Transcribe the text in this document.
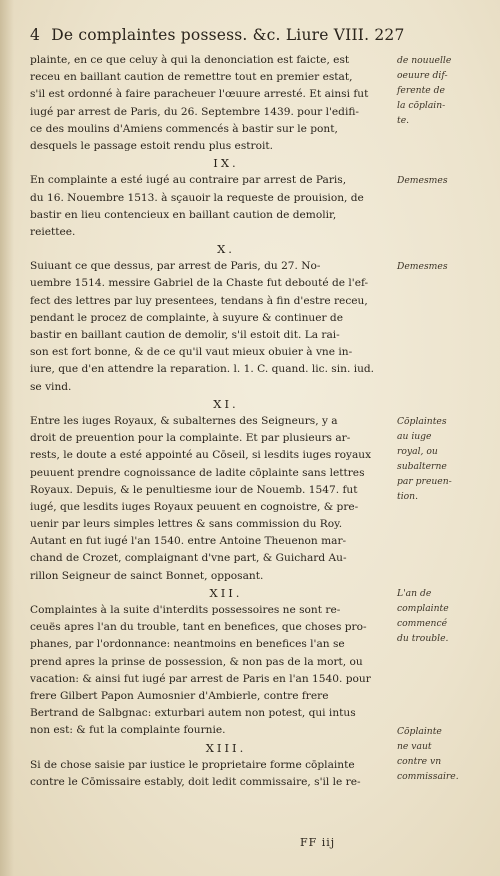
4 De complaintes possess. &c. Liure VIII. 227
plainte, en ce que celuy à qui la denonciation est faicte, est
receu en baillant caution de remettre tout en premier estat,
s'il est ordonné à faire paracheuer l'œuure arresté. Et ainsi fut
iugé par arrest de Paris, du 26. Septembre 1439. pour l'edifi-
ce des moulins d'Amiens commencés à bastir sur le pont,
desquels le passage estoit rendu plus estroit.
IX.
En complainte a esté iugé au contraire par arrest de Paris,
du 16. Nouembre 1513. à sçauoir la requeste de prouision, de
bastir en lieu contencieux en baillant caution de demolir,
reiettee.
X.
Suiuant ce que dessus, par arrest de Paris, du 27. No-
uembre 1514. messire Gabriel de la Chaste fut debouté de l'ef-
fect des lettres par luy presentees, tendans à fin d'estre receu,
pendant le procez de complainte, à suyure & continuer de
bastir en baillant caution de demolir, s'il estoit dit. La rai-
son est fort bonne, & de ce qu'il vaut mieux obuier à vne in-
iure, que d'en attendre la reparation. l. 1. C. quand. lic. sin. iud.
se vind.
XI.
Entre les iuges Royaux, & subalternes des Seigneurs, y a
droit de preuention pour la complainte. Et par plusieurs ar-
rests, le doute a esté appointé au Cōseil, si lesdits iuges royaux
peuuent prendre cognoissance de ladite cōplainte sans lettres
Royaux. Depuis, & le penultiesme iour de Nouemb. 1547. fut
iugé, que lesdits iuges Royaux peuuent en cognoistre, & pre-
uenir par leurs simples lettres & sans commission du Roy.
Autant en fut iugé l'an 1540. entre Antoine Theuenon mar-
chand de Crozet, complaignant d'vne part, & Guichard Au-
rillon Seigneur de sainct Bonnet, opposant.
XII.
Complaintes à la suite d'interdits possessoires ne sont re-
ceuës apres l'an du trouble, tant en benefices, que choses pro-
phanes, par l'ordonnance: neantmoins en benefices l'an se
prend apres la prinse de possession, & non pas de la mort, ou
vacation: & ainsi fut iugé par arrest de Paris en l'an 1540. pour
frere Gilbert Papon Aumosnier d'Ambierle, contre frere
Bertrand de Salbgnac: exturbari autem non potest, qui intus
non est: & fut la complainte fournie.
XIII.
Si de chose saisie par iustice le proprietaire forme cōplainte
contre le Cōmissaire estably, doit ledit commissaire, s'il le re-
de nouuelle
oeuure dif-
ferente de
la cōplain-
te.
Demesmes
Demesmes
Cōplaintes
au iuge
royal, ou
subalterne
par preuen-
tion.
L'an de
complainte
commencé
du trouble.
Cōplainte
ne vaut
contre vn
commissaire.
FF iij
